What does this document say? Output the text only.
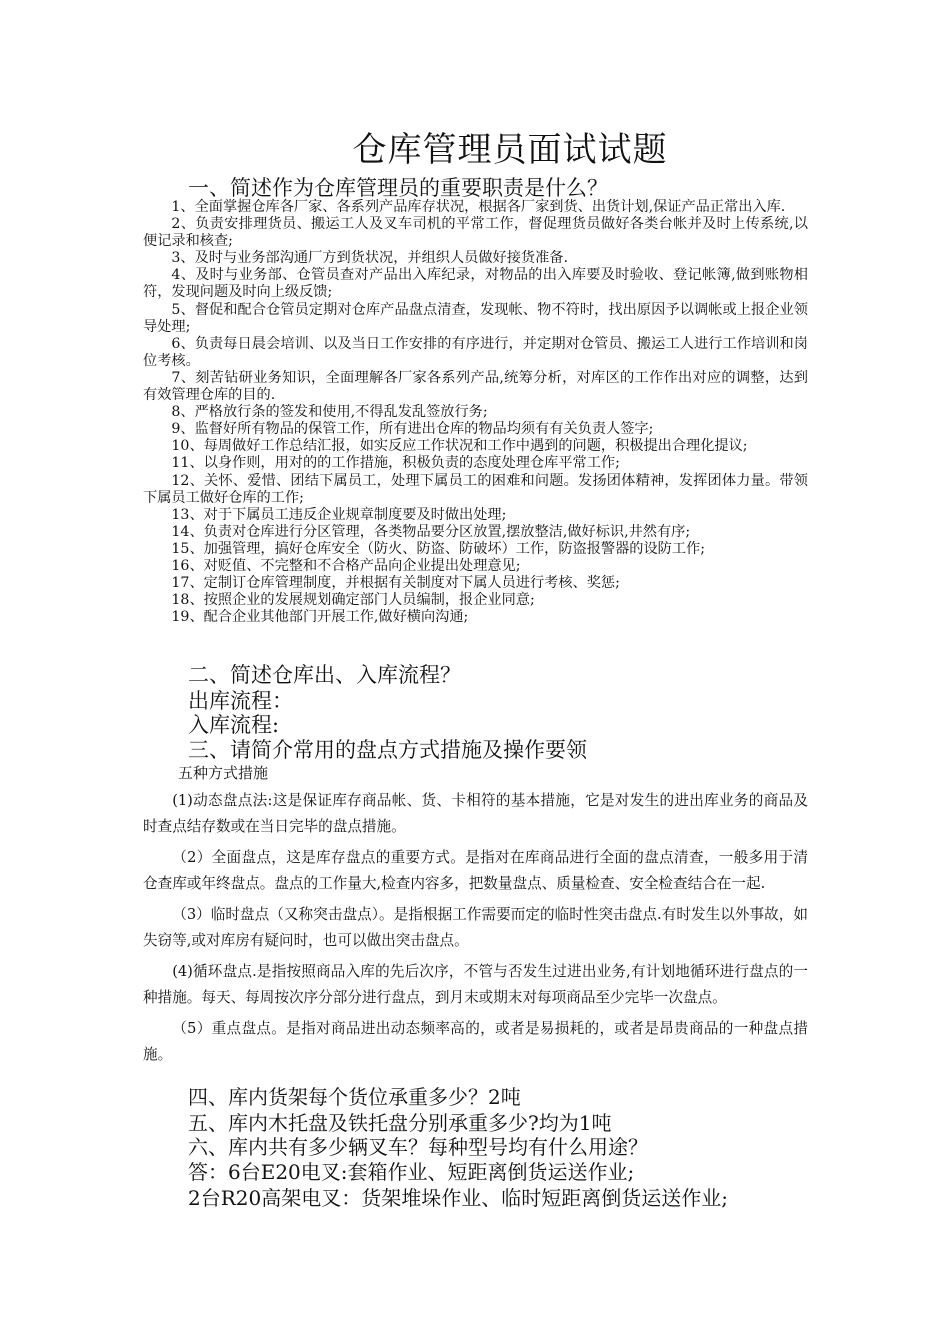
仓库管理员面试试题
一、简述作为仓库管理员的重要职责是什么？

1、全面掌握仓库各厂家、各系列产品库存状况，根据各厂家到货、出货计划,保证产品正常出入库.

2、负责安排理货员、搬运工人及叉车司机的平常工作，督促理货员做好各类台帐并及时上传系统,以便记录和核查;

3、及时与业务部沟通厂方到货状况，并组织人员做好接货准备.

4、及时与业务部、仓管员查对产品出入库纪录，对物品的出入库要及时验收、登记帐簿,做到账物相符，发现问题及时向上级反馈;

5、督促和配合仓管员定期对仓库产品盘点清查，发现帐、物不符时，找出原因予以调帐或上报企业领导处理;

6、负责每日晨会培训、以及当日工作安排的有序进行，并定期对仓管员、搬运工人进行工作培训和岗位考核。

7、刻苦钻研业务知识，全面理解各厂家各系列产品,统筹分析，对库区的工作作出对应的调整，达到有效管理仓库的目的.

8、严格放行条的签发和使用,不得乱发乱签放行务;

9、监督好所有物品的保管工作，所有进出仓库的物品均须有有关负责人签字;

10、每周做好工作总结汇报，如实反应工作状况和工作中遇到的问题，积极提出合理化提议;

11、以身作则，用对的的工作措施，积极负责的态度处理仓库平常工作;

12、关怀、爱惜、团结下属员工，处理下属员工的困难和问题。发扬团体精神，发挥团体力量。带领下属员工做好仓库的工作;

13、对于下属员工违反企业规章制度要及时做出处理;

14、负责对仓库进行分区管理，各类物品要分区放置,摆放整洁,做好标识,井然有序;

15、加强管理，搞好仓库安全（防火、防盗、防破坏）工作，防盗报警器的设防工作;

16、对贬值、不完整和不合格产品向企业提出处理意见;

17、定制订仓库管理制度，并根据有关制度对下属人员进行考核、奖惩;

18、按照企业的发展规划确定部门人员编制，报企业同意;

19、配合企业其他部门开展工作,做好横向沟通;

二、简述仓库出、入库流程？
出库流程：
入库流程:
三、请简介常用的盘点方式措施及操作要领
五种方式措施

(1)动态盘点法:这是保证库存商品帐、货、卡相符的基本措施，它是对发生的进出库业务的商品及时查点结存数或在当日完毕的盘点措施。

（2）全面盘点，这是库存盘点的重要方式。是指对在库商品进行全面的盘点清查，一般多用于清仓查库或年终盘点。盘点的工作量大,检查内容多，把数量盘点、质量检查、安全检查结合在一起.

（3）临时盘点（又称突击盘点）。是指根据工作需要而定的临时性突击盘点.有时发生以外事故，如失窃等,或对库房有疑问时，也可以做出突击盘点。

(4)循环盘点.是指按照商品入库的先后次序，不管与否发生过进出业务,有计划地循环进行盘点的一种措施。每天、每周按次序分部分进行盘点，到月末或期末对每项商品至少完毕一次盘点。

（5）重点盘点。是指对商品进出动态频率高的，或者是易损耗的，或者是昂贵商品的一种盘点措施。

四、库内货架每个货位承重多少？2吨
五、库内木托盘及铁托盘分别承重多少?均为1吨
六、库内共有多少辆叉车？每种型号均有什么用途？
答：6台E20电叉:套箱作业、短距离倒货运送作业;
2台R20高架电叉：货架堆垛作业、临时短距离倒货运送作业;
